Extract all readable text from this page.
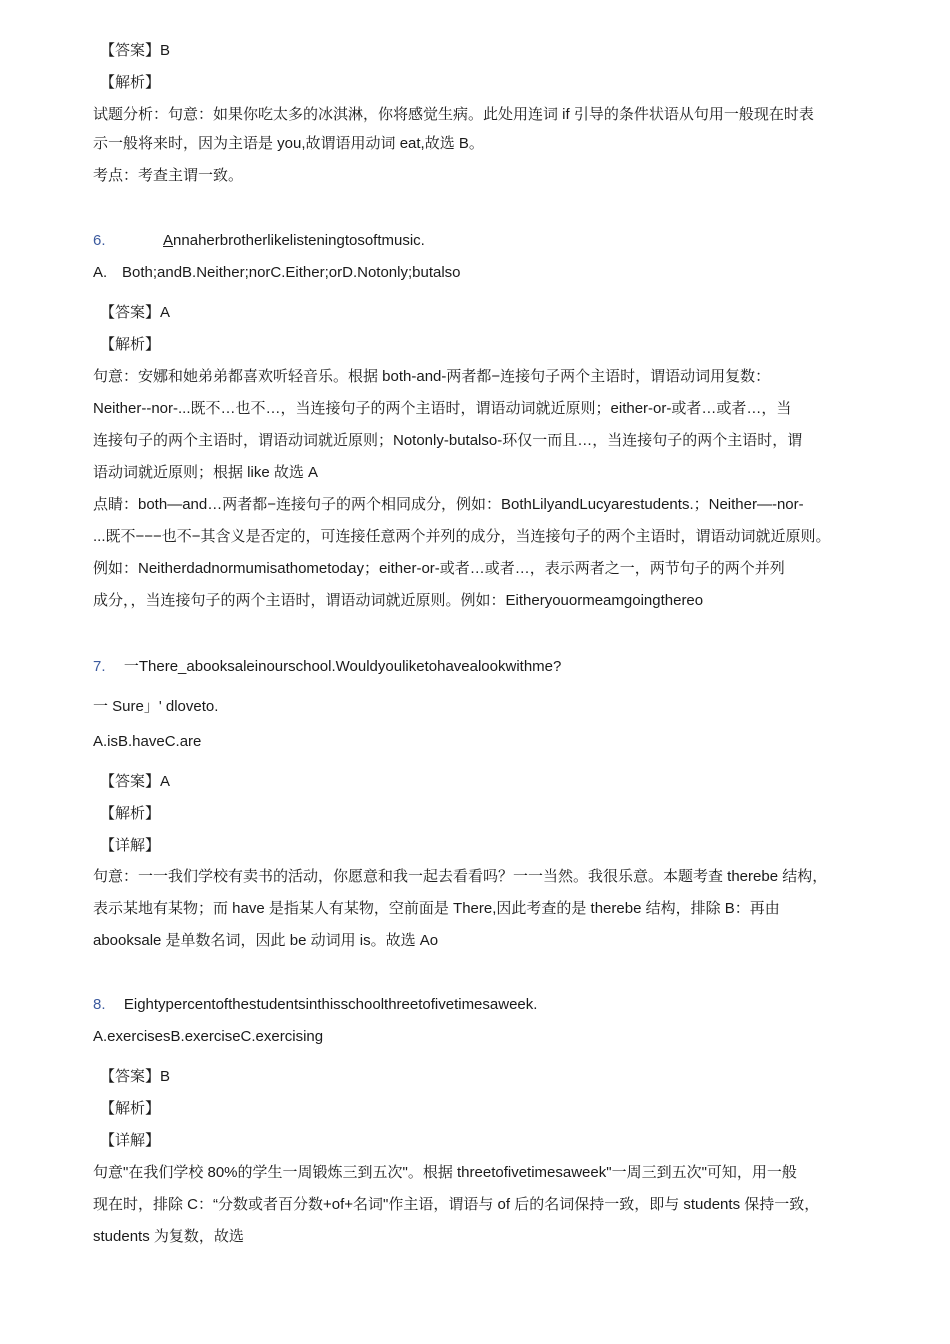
【答案】B
【解析】
试题分析：句意：如果你吃太多的冰淇淋，你将感觉生病。此处用连词 if 引导的条件状语从句用一般现在时表
示一般将来时，因为主语是 you,故谓语用动词 eat,故选 B。
考点：考查主谓一致。
6.	Annaherbrotherlikelisteningtosoftmusic.
A. Both;andB.Neither;norC.Either;orD.Notonly;butalso
【答案】A
【解析】
句意：安娜和她弟弟都喜欢听轻音乐。根据 both-and-两者都−连接句子两个主语时，谓语动词用复数：
Neither--nor-...既不…也不…，当连接句子的两个主语时，谓语动词就近原则；either-or-或者…或者…，当
连接句子的两个主语时，谓语动词就近原则；Notonly-butalso-环仅一而且…，当连接句子的两个主语时，谓
语动词就近原则；根据 like 故选 A
点睛：both—and…两者都−连接句子的两个相同成分，例如：BothLilyandLucyarestudents.；Neither—-nor-
...既不−−−也不−其含义是否定的，可连接任意两个并列的成分，当连接句子的两个主语时，谓语动词就近原则。
例如：Neitherdadnormumisathometoday；either-or-或者…或者…，表示两者之一，两节句子的两个并列
成分，，当连接句子的两个主语时，谓语动词就近原则。例如：Eitheryouormeamgoingthereo
7. 一There_abooksaleinourschool.Wouldyouliketohavealookwithme?
一 Sure」' dloveto.
A.isB.haveC.are
【答案】A
【解析】
【详解】
句意：一一我们学校有卖书的活动，你愿意和我一起去看看吗？一一当然。我很乐意。本题考查 therebe 结构，
表示某地有某物；而 have 是指某人有某物，空前面是 There,因此考查的是 therebe 结构，排除 B：再由
abooksale 是单数名词，因此 be 动词用 is。故选 Ao
8. Eightypercentofthestudentsinthisschoolthreetofivetimesaweek.
A.exercisesB.exerciseC.exercising
【答案】B
【解析】
【详解】
句意"在我们学校 80%的学生一周锻炼三到五次"。根据 threetofivetimesaweek"一周三到五次"可知，用一般
现在时，排除 C：“分数或者百分数+of+名词"作主语，谓语与 of 后的名词保持一致，即与 students 保持一致，
students 为复数，故选
